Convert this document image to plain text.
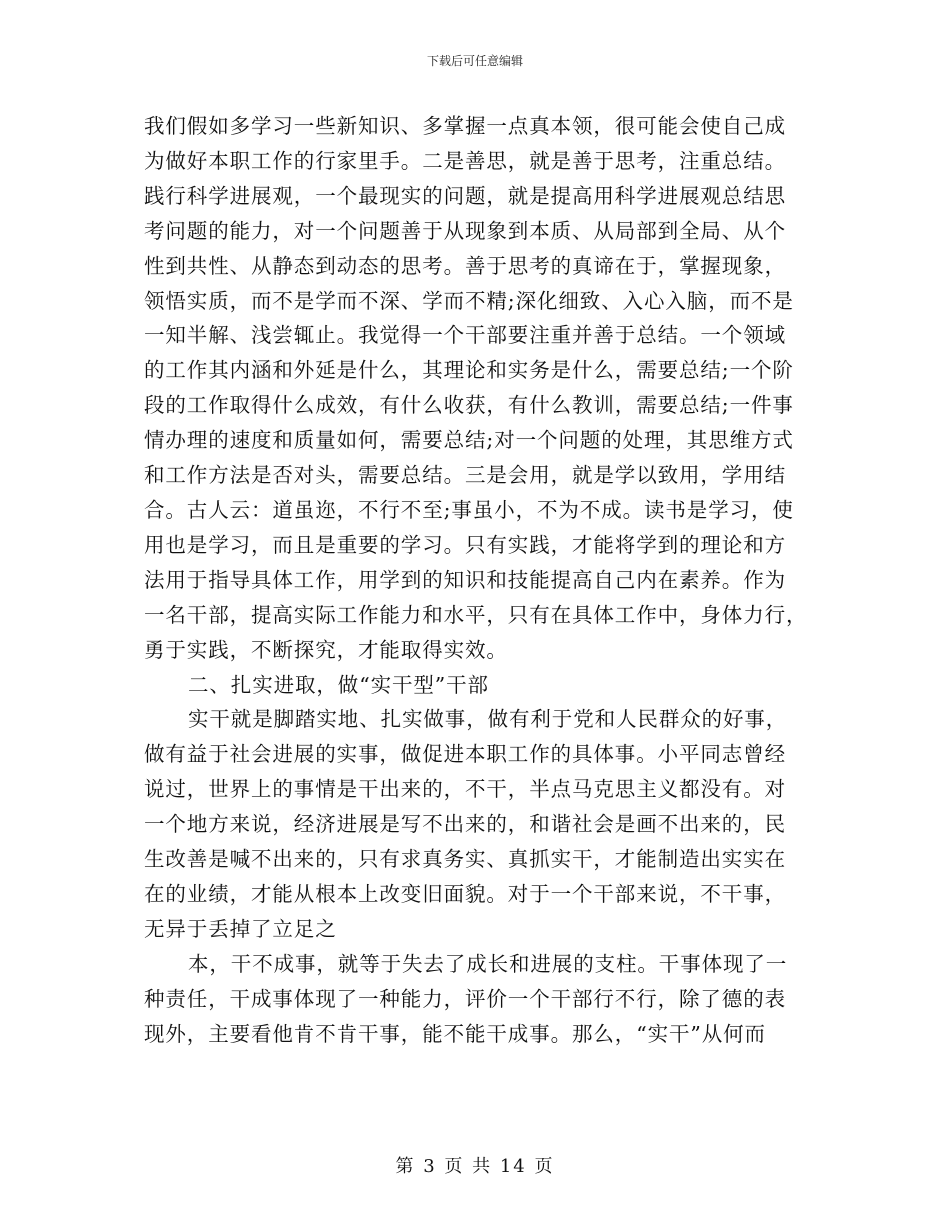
下载后可任意编辑

我们假如多学习一些新知识、多掌握一点真本领，很可能会使自己成
为做好本职工作的行家里手。二是善思，就是善于思考，注重总结。
践行科学进展观，一个最现实的问题，就是提高用科学进展观总结思
考问题的能力，对一个问题善于从现象到本质、从局部到全局、从个
性到共性、从静态到动态的思考。善于思考的真谛在于，掌握现象，
领悟实质，而不是学而不深、学而不精;深化细致、入心入脑，而不是
一知半解、浅尝辄止。我觉得一个干部要注重并善于总结。一个领域
的工作其内涵和外延是什么，其理论和实务是什么，需要总结;一个阶
段的工作取得什么成效，有什么收获，有什么教训，需要总结;一件事
情办理的速度和质量如何，需要总结;对一个问题的处理，其思维方式
和工作方法是否对头，需要总结。三是会用，就是学以致用，学用结
合。古人云：道虽迩，不行不至;事虽小，不为不成。读书是学习，使
用也是学习，而且是重要的学习。只有实践，才能将学到的理论和方
法用于指导具体工作，用学到的知识和技能提高自己内在素养。作为
一名干部，提高实际工作能力和水平，只有在具体工作中，身体力行，
勇于实践，不断探究，才能取得实效。

二、扎实进取，做“实干型”干部

实干就是脚踏实地、扎实做事，做有利于党和人民群众的好事，
做有益于社会进展的实事，做促进本职工作的具体事。小平同志曾经
说过，世界上的事情是干出来的，不干，半点马克思主义都没有。对
一个地方来说，经济进展是写不出来的，和谐社会是画不出来的，民
生改善是喊不出来的，只有求真务实、真抓实干，才能制造出实实在
在的业绩，才能从根本上改变旧面貌。对于一个干部来说，不干事，
无异于丢掉了立足之

本，干不成事，就等于失去了成长和进展的支柱。干事体现了一
种责任，干成事体现了一种能力，评价一个干部行不行，除了德的表
现外，主要看他肯不肯干事，能不能干成事。那么，“实干”从何而

第 3 页 共 14 页
